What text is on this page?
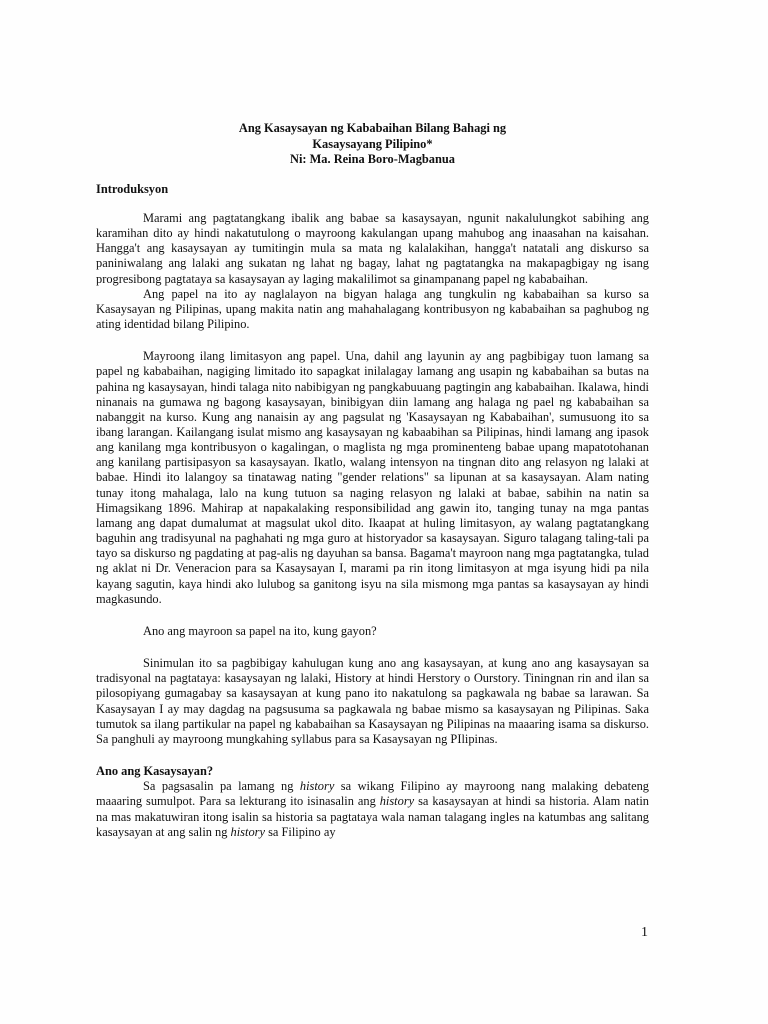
Ang Kasaysayan ng Kababaihan Bilang Bahagi ng
Kasaysayang Pilipino*
Ni: Ma. Reina Boro-Magbanua
Introduksyon

Marami ang pagtatangkang ibalik ang babae sa kasaysayan, ngunit nakalulungkot sabihing ang karamihan dito ay hindi nakatutulong o mayroong kakulangan upang mahubog ang inaasahan na kaisahan. Hangga't ang kasaysayan ay tumitingin mula sa mata ng kalalakihan, hangga't natatali ang diskurso sa paniniwalang ang lalaki ang sukatan ng lahat ng bagay, lahat ng pagtatangka na makapagbigay ng isang progresibong pagtataya sa kasaysayan ay laging makalilimot sa ginampanang papel ng kababaihan.

Ang papel na ito ay naglalayon na bigyan halaga ang tungkulin ng kababaihan sa kurso sa Kasaysayan ng Pilipinas, upang makita natin ang mahahalagang kontribusyon ng kababaihan sa paghubog ng ating identidad bilang Pilipino.

Mayroong ilang limitasyon ang papel. Una, dahil ang layunin ay ang pagbibigay tuon lamang sa papel ng kababaihan, nagiging limitado ito sapagkat inilalagay lamang ang usapin ng kababaihan sa butas na pahina ng kasaysayan, hindi talaga nito nabibigyan ng pangkabuuang pagtingin ang kababaihan. Ikalawa, hindi ninanais na gumawa ng bagong kasaysayan, binibigyan diin lamang ang halaga ng pael ng kababaihan sa nabanggit na kurso. Kung ang nanaisin ay ang pagsulat ng 'Kasaysayan ng Kababaihan', sumusuong ito sa ibang larangan. Kailangang isulat mismo ang kasaysayan ng kabaabihan sa Pilipinas, hindi lamang ang ipasok ang kanilang mga kontribusyon o kagalingan, o maglista ng mga prominenteng babae upang mapatotohanan ang kanilang partisipasyon sa kasaysayan. Ikatlo, walang intensyon na tingnan dito ang relasyon ng lalaki at babae. Hindi ito lalangoy sa tinatawag nating "gender relations" sa lipunan at sa kasaysayan. Alam nating tunay itong mahalaga, lalo na kung tutuon sa naging relasyon ng lalaki at babae, sabihin na natin sa Himagsikang 1896. Mahirap at napakalaking responsibilidad ang gawin ito, tanging tunay na mga pantas lamang ang dapat dumalumat at magsulat ukol dito. Ikaapat at huling limitasyon, ay walang pagtatangkang baguhin ang tradisyunal na paghahati ng mga guro at historyador sa kasaysayan. Siguro talagang taling-tali pa tayo sa diskurso ng pagdating at pag-alis ng dayuhan sa bansa. Bagama't mayroon nang mga pagtatangka, tulad ng aklat ni Dr. Veneracion para sa Kasaysayan I, marami pa rin itong limitasyon at mga isyung hidi pa nila kayang sagutin, kaya hindi ako lulubog sa ganitong isyu na sila mismong mga pantas sa kasaysayan ay hindi magkasundo.

Ano ang mayroon sa papel na ito, kung gayon?

Sinimulan ito sa pagbibigay kahulugan kung ano ang kasaysayan, at kung ano ang kasaysayan sa tradisyonal na pagtataya: kasaysayan ng lalaki, History at hindi Herstory o Ourstory. Tiningnan rin and ilan sa pilosopiyang gumagabay sa kasaysayan at kung pano ito nakatulong sa pagkawala ng babae sa larawan. Sa Kasaysayan I ay may dagdag na pagsusuma sa pagkawala ng babae mismo sa kasaysayan ng Pilipinas. Saka tumutok sa ilang partikular na papel ng kababaihan sa Kasaysayan ng Pilipinas na maaaring isama sa diskurso. Sa panghuli ay mayroong mungkahing syllabus para sa Kasaysayan ng PIlipinas.

Ano ang Kasaysayan?

Sa pagsasalin pa lamang ng history sa wikang Filipino ay mayroong nang malaking debateng maaaring sumulpot. Para sa lekturang ito isinasalin ang history sa kasaysayan at hindi sa historia. Alam natin na mas makatuwiran itong isalin sa historia sa pagtataya wala naman talagang ingles na katumbas ang salitang kasaysayan at ang salin ng history sa Filipino ay

1
